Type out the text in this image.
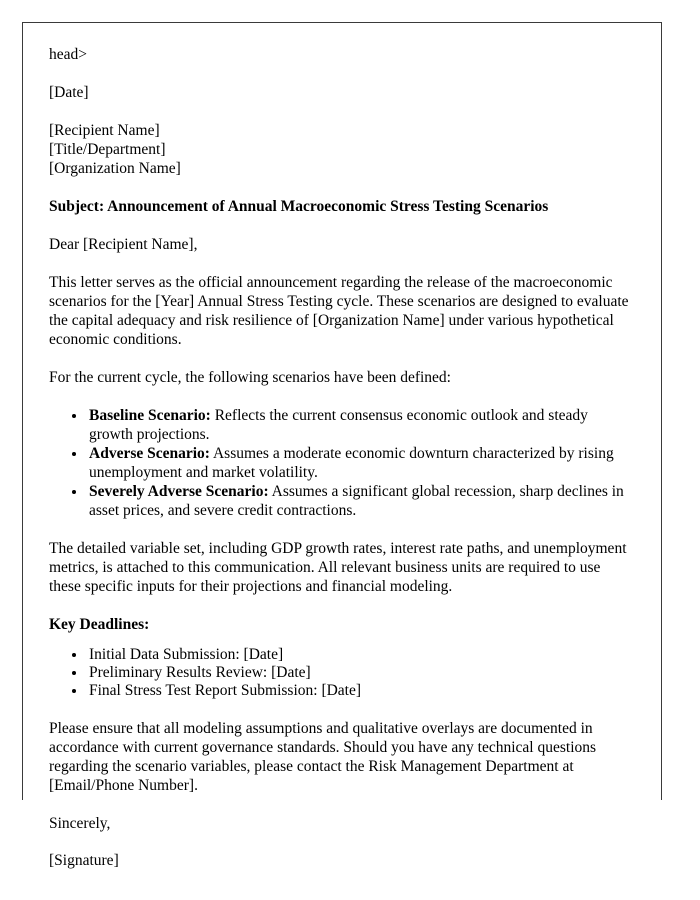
head>
[Date]
[Recipient Name]
[Title/Department]
[Organization Name]
Subject: Announcement of Annual Macroeconomic Stress Testing Scenarios
Dear [Recipient Name],

This letter serves as the official announcement regarding the release of the macroeconomic scenarios for the [Year] Annual Stress Testing cycle. These scenarios are designed to evaluate the capital adequacy and risk resilience of [Organization Name] under various hypothetical economic conditions.

For the current cycle, the following scenarios have been defined:

• Baseline Scenario: Reflects the current consensus economic outlook and steady growth projections.
• Adverse Scenario: Assumes a moderate economic downturn characterized by rising unemployment and market volatility.
• Severely Adverse Scenario: Assumes a significant global recession, sharp declines in asset prices, and severe credit contractions.

The detailed variable set, including GDP growth rates, interest rate paths, and unemployment metrics, is attached to this communication. All relevant business units are required to use these specific inputs for their projections and financial modeling.

Key Deadlines:
• Initial Data Submission: [Date]
• Preliminary Results Review: [Date]
• Final Stress Test Report Submission: [Date]

Please ensure that all modeling assumptions and qualitative overlays are documented in accordance with current governance standards. Should you have any technical questions regarding the scenario variables, please contact the Risk Management Department at [Email/Phone Number].

Sincerely,
[Signature]
